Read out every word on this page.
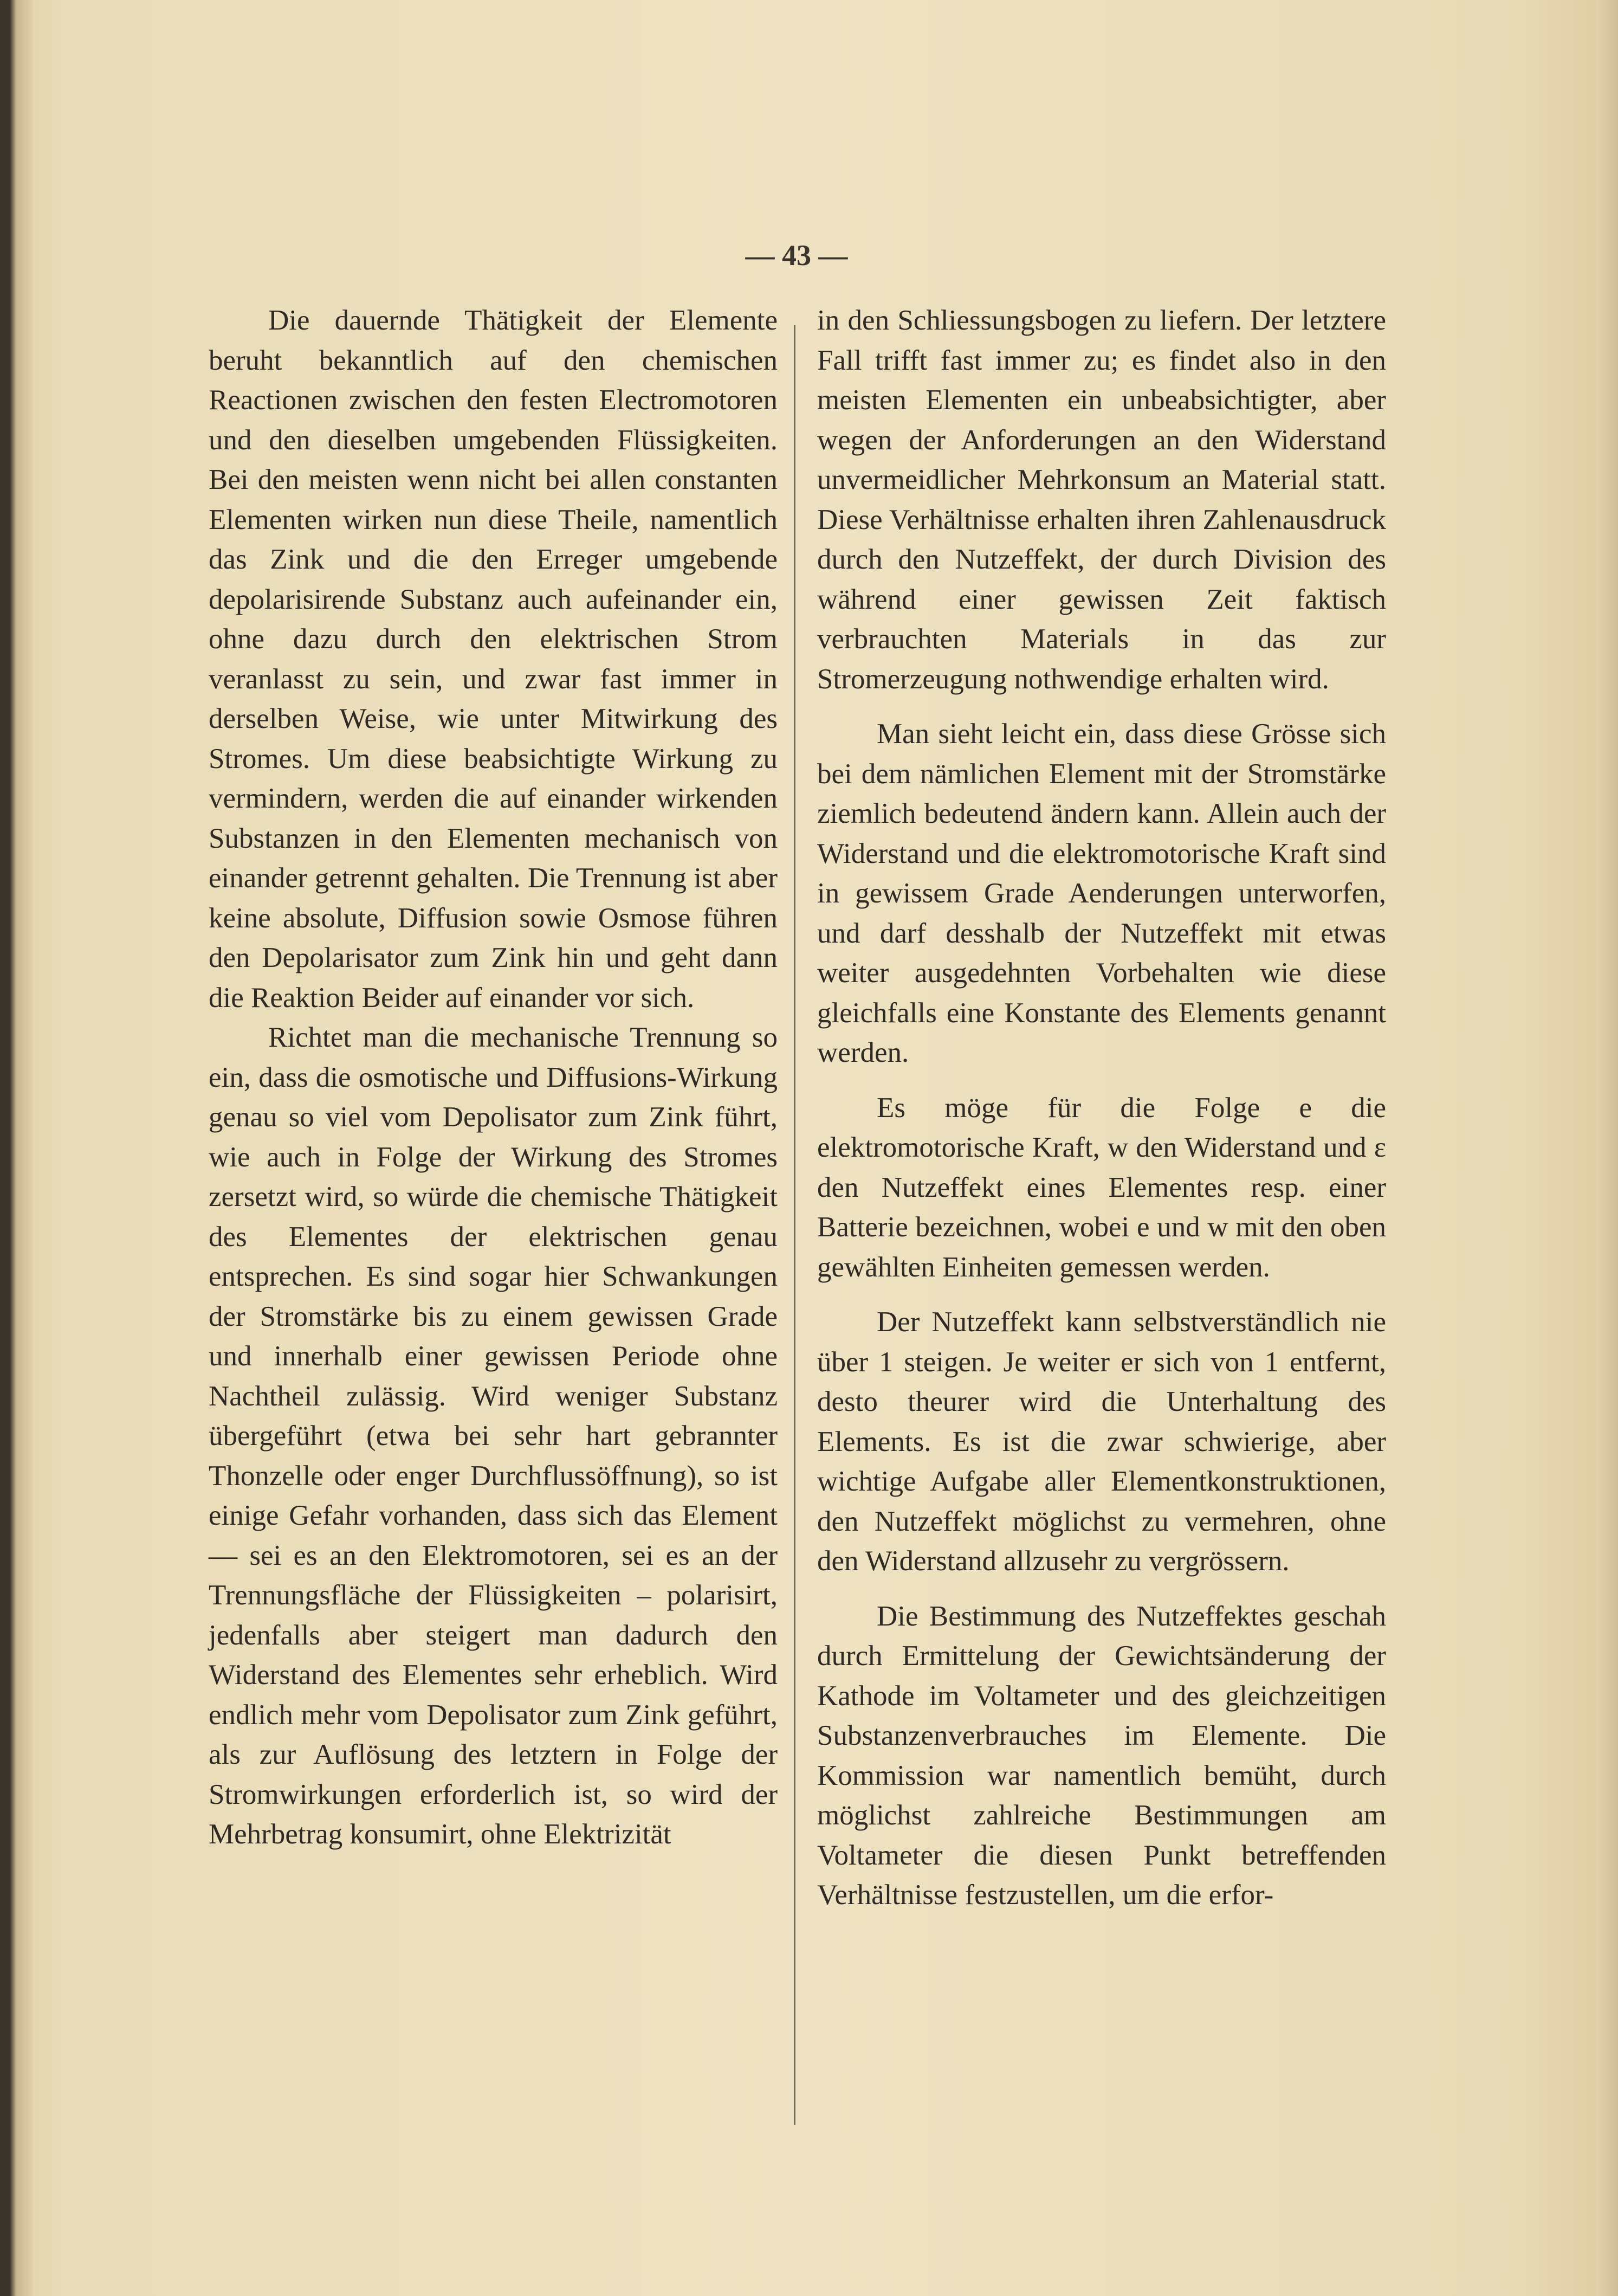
— 43 —

Die dauernde Thätigkeit der Elemente beruht bekanntlich auf den chemischen Reactionen zwischen den festen Electromotoren und den dieselben umgebenden Flüssigkeiten. Bei den meisten wenn nicht bei allen constanten Elementen wirken nun diese Theile, namentlich das Zink und die den Erreger umgebende depolarisirende Substanz auch aufeinander ein, ohne dazu durch den elektrischen Strom veranlasst zu sein, und zwar fast immer in derselben Weise, wie unter Mitwirkung des Stromes. Um diese beabsichtigte Wirkung zu vermindern, werden die auf einander wirkenden Substanzen in den Elementen mechanisch von einander getrennt gehalten. Die Trennung ist aber keine absolute, Diffusion sowie Osmose führen den Depolarisator zum Zink hin und geht dann die Reaktion Beider auf einander vor sich.

Richtet man die mechanische Trennung so ein, dass die osmotische und Diffusions-Wirkung genau so viel vom Depolisator zum Zink führt, wie auch in Folge der Wirkung des Stromes zersetzt wird, so würde die chemische Thätigkeit des Elementes der elektrischen genau entsprechen. Es sind sogar hier Schwankungen der Stromstärke bis zu einem gewissen Grade und innerhalb einer gewissen Periode ohne Nachtheil zulässig. Wird weniger Substanz übergeführt (etwa bei sehr hart gebrannter Thonzelle oder enger Durchflussöffnung), so ist einige Gefahr vorhanden, dass sich das Element — sei es an den Elektromotoren, sei es an der Trennungsfläche der Flüssigkeiten – polarisirt, jedenfalls aber steigert man dadurch den Widerstand des Elementes sehr erheblich. Wird endlich mehr vom Depolisator zum Zink geführt, als zur Auflösung des letztern in Folge der Stromwirkungen erforderlich ist, so wird der Mehrbetrag konsumirt, ohne Elektrizität

in den Schliessungsbogen zu liefern. Der letztere Fall trifft fast immer zu; es findet also in den meisten Elementen ein unbeabsichtigter, aber wegen der Anforderungen an den Widerstand unvermeidlicher Mehrkonsum an Material statt. Diese Verhältnisse erhalten ihren Zahlenausdruck durch den Nutzeffekt, der durch Division des während einer gewissen Zeit faktisch verbrauchten Materials in das zur Stromerzeugung nothwendige erhalten wird.

Man sieht leicht ein, dass diese Grösse sich bei dem nämlichen Element mit der Stromstärke ziemlich bedeutend ändern kann. Allein auch der Widerstand und die elektromotorische Kraft sind in gewissem Grade Aenderungen unterworfen, und darf desshalb der Nutzeffekt mit etwas weiter ausgedehnten Vorbehalten wie diese gleichfalls eine Konstante des Elements genannt werden.

Es möge für die Folge e die elektromotorische Kraft, w den Widerstand und ε den Nutzeffekt eines Elementes resp. einer Batterie bezeichnen, wobei e und w mit den oben gewählten Einheiten gemessen werden.

Der Nutzeffekt kann selbstverständlich nie über 1 steigen. Je weiter er sich von 1 entfernt, desto theurer wird die Unterhaltung des Elements. Es ist die zwar schwierige, aber wichtige Aufgabe aller Elementkonstruktionen, den Nutzeffekt möglichst zu vermehren, ohne den Widerstand allzusehr zu vergrössern.

Die Bestimmung des Nutzeffektes geschah durch Ermittelung der Gewichtsänderung der Kathode im Voltameter und des gleichzeitigen Substanzenverbrauches im Elemente. Die Kommission war namentlich bemüht, durch möglichst zahlreiche Bestimmungen am Voltameter die diesen Punkt betreffenden Verhältnisse festzustellen, um die erfor-
